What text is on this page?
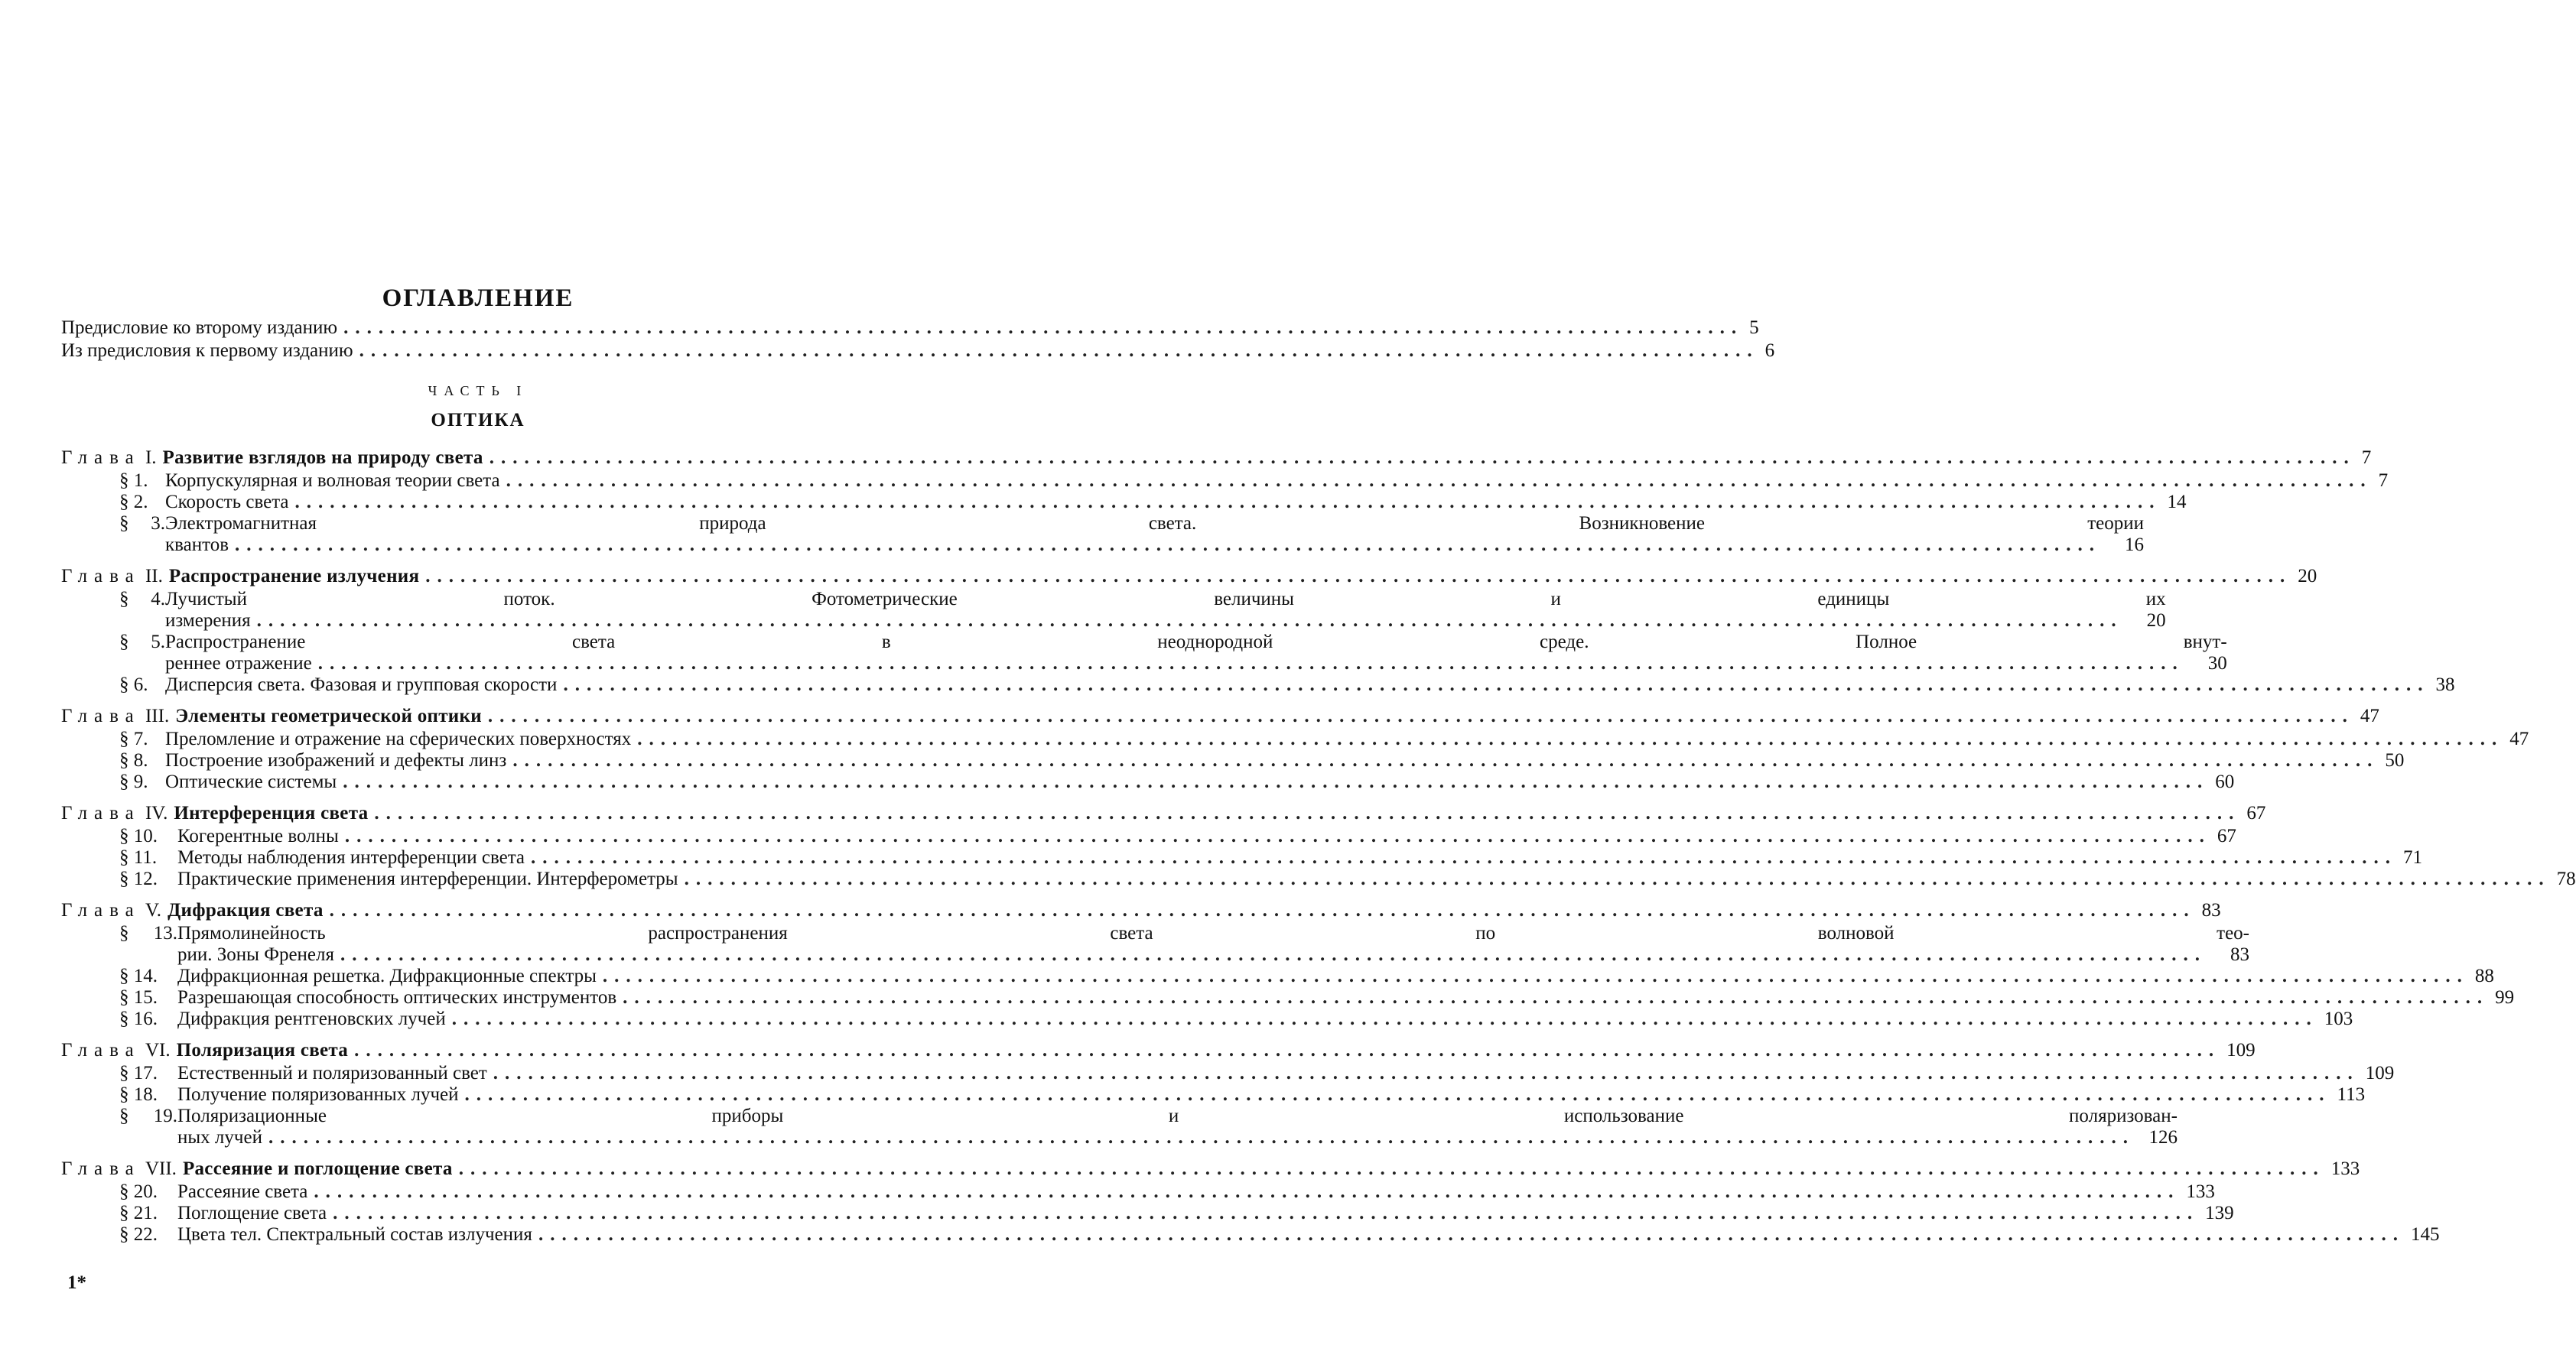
ОГЛАВЛЕНИЕ
Предисловие ко второму изданию ........................................................................................................................ 5
Из предисловия к первому изданию ........................................................................................................................ 6
ЧАСТЬ I
ОПТИКА
Глава I. Развитие взглядов на природу света ................................................................................................................................................................ 7
§ 1. Корпускулярная и волновая теории света ................................................................................................................................................................ 7
§ 2. Скорость света ................................................................................................................................................................ 14
§ 3.Электромагнитная природа света. Возникновение теории
квантов ................................................................................................................................................................	16
Глава II. Распространение излучения ................................................................................................................................................................ 20
§ 4.Лучистый поток. Фотометрические величины и единицы их
измерения ................................................................................................................................................................	20
§ 5.Распространение света в неоднородной среде. Полное внут-
реннее отражение ................................................................................................................................................................	30
§ 6. Дисперсия света. Фазовая и групповая скорости ................................................................................................................................................................ 38
Глава III. Элементы геометрической оптики ................................................................................................................................................................ 47
§ 7. Преломление и отражение на сферических поверхностях ................................................................................................................................................................ 47
§ 8. Построение изображений и дефекты линз ................................................................................................................................................................ 50
§ 9. Оптические системы ................................................................................................................................................................ 60
Глава IV. Интерференция света ................................................................................................................................................................ 67
§ 10. Когерентные волны ................................................................................................................................................................ 67
§ 11. Методы наблюдения интерференции света ................................................................................................................................................................ 71
§ 12. Практические применения интерференции. Интерферометры ................................................................................................................................................................ 78
Глава V. Дифракция света ................................................................................................................................................................ 83
§ 13.Прямолинейность распространения света по волновой тео-
рии. Зоны Френеля ................................................................................................................................................................	83
§ 14. Дифракционная решетка. Дифракционные спектры ................................................................................................................................................................ 88
§ 15. Разрешающая способность оптических инструментов ................................................................................................................................................................ 99
§ 16. Дифракция рентгеновских лучей ................................................................................................................................................................ 103
Глава VI. Поляризация света ................................................................................................................................................................ 109
§ 17. Естественный и поляризованный свет ................................................................................................................................................................ 109
§ 18. Получение поляризованных лучей ................................................................................................................................................................ 113
§ 19.Поляризационные приборы и использование поляризован-
ных лучей ................................................................................................................................................................ 126
Глава VII. Рассеяние и поглощение света ................................................................................................................................................................ 133
§ 20. Рассеяние света ................................................................................................................................................................ 133
§ 21. Поглощение света ................................................................................................................................................................ 139
§ 22. Цвета тел. Спектральный состав излучения ................................................................................................................................................................ 145
1*
